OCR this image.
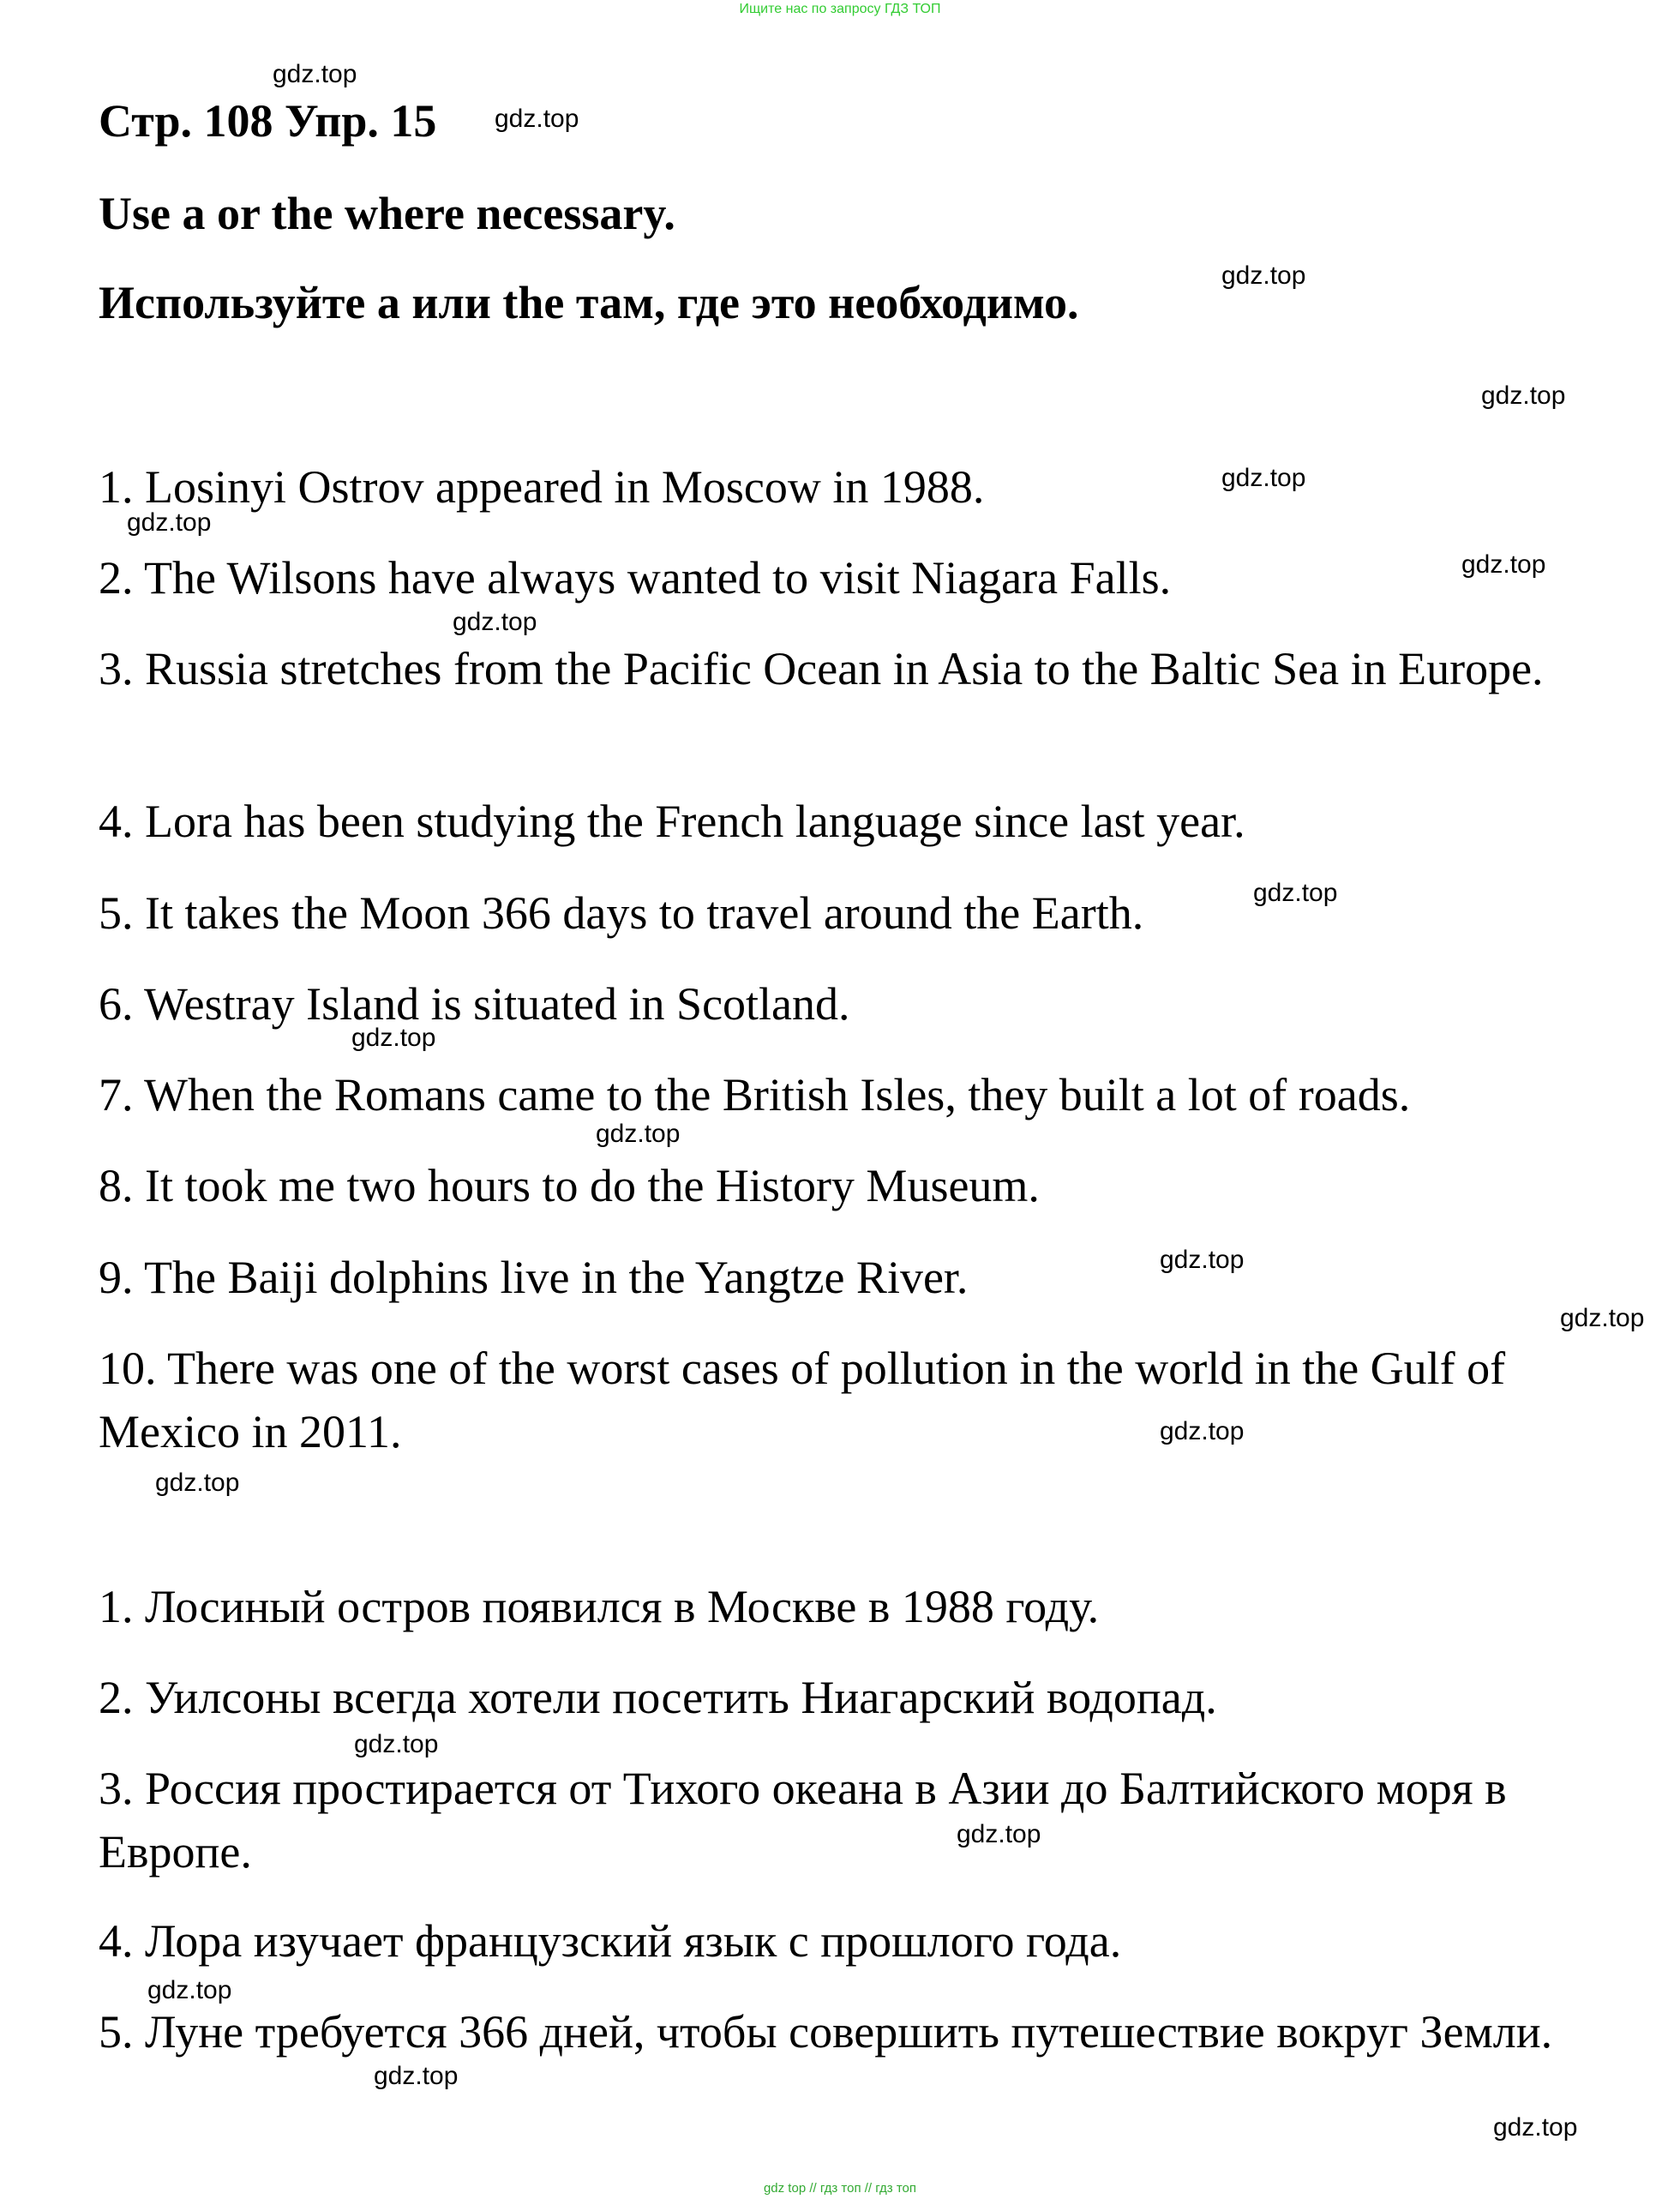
Ищите нас по запросу ГДЗ ТОП
Стр. 108 Упр. 15
Use a or the where necessary.
Используйте a или the там, где это необходимо.
1. Losinyi Ostrov appeared in Moscow in 1988.
2. The Wilsons have always wanted to visit Niagara Falls.
3. Russia stretches from the Pacific Ocean in Asia to the Baltic Sea in Europe.
4. Lora has been studying the French language since last year.
5. It takes the Moon 366 days to travel around the Earth.
6. Westray Island is situated in Scotland.
7. When the Romans came to the British Isles, they built a lot of roads.
8. It took me two hours to do the History Museum.
9. The Baiji dolphins live in the Yangtze River.
10. There was one of the worst cases of pollution in the world in the Gulf of Mexico in 2011.
1. Лосиный остров появился в Москве в 1988 году.
2. Уилсоны всегда хотели посетить Ниагарский водопад.
3. Россия простирается от Тихого океана в Азии до Балтийского моря в Европе.
4. Лора изучает французский язык с прошлого года.
5. Луне требуется 366 дней, чтобы совершить путешествие вокруг Земли.
gdz.top
gdz.top
gdz.top
gdz.top
gdz.top
gdz.top
gdz.top
gdz.top
gdz.top
gdz.top
gdz.top
gdz.top
gdz.top
gdz.top
gdz.top
gdz.top
gdz.top
gdz.top
gdz.top
gdz.top
gdz top // гдз топ // гдз топ
